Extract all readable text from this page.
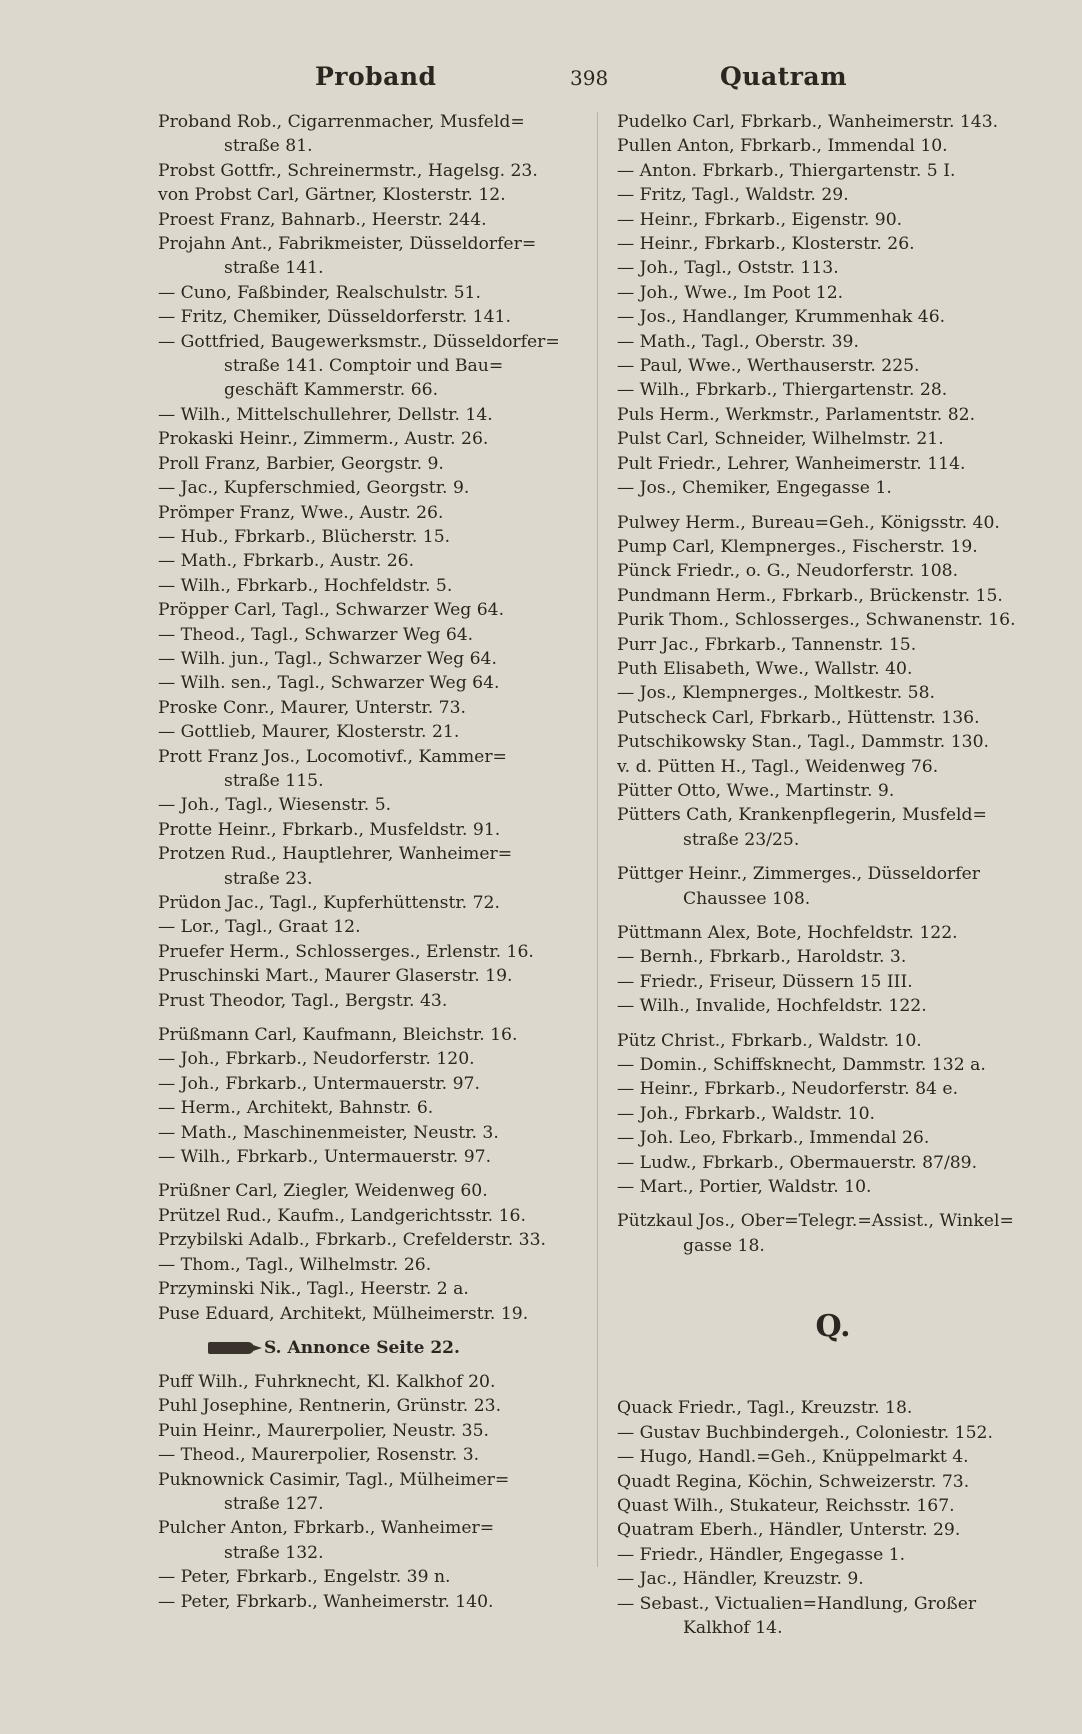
Proband	398	Quatram
Proband Rob., Cigarrenmacher, Musfeld=
straße 81.
Probst Gottfr., Schreinermstr., Hagelsg. 23.
von Probst Carl, Gärtner, Klosterstr. 12.
Proest Franz, Bahnarb., Heerstr. 244.
Projahn Ant., Fabrikmeister, Düsseldorfer=
straße 141.
— Cuno, Faßbinder, Realschulstr. 51.
— Fritz, Chemiker, Düsseldorferstr. 141.
— Gottfried, Baugewerksmstr., Düsseldorfer=
straße 141. Comptoir und Bau=
geschäft Kammerstr. 66.
— Wilh., Mittelschullehrer, Dellstr. 14.
Prokaski Heinr., Zimmerm., Austr. 26.
Proll Franz, Barbier, Georgstr. 9.
— Jac., Kupferschmied, Georgstr. 9.
Prömper Franz, Wwe., Austr. 26.
— Hub., Fbrkarb., Blücherstr. 15.
— Math., Fbrkarb., Austr. 26.
— Wilh., Fbrkarb., Hochfeldstr. 5.
Pröpper Carl, Tagl., Schwarzer Weg 64.
— Theod., Tagl., Schwarzer Weg 64.
— Wilh. jun., Tagl., Schwarzer Weg 64.
— Wilh. sen., Tagl., Schwarzer Weg 64.
Proske Conr., Maurer, Unterstr. 73.
— Gottlieb, Maurer, Klosterstr. 21.
Prott Franz Jos., Locomotivf., Kammer=
straße 115.
— Joh., Tagl., Wiesenstr. 5.
Protte Heinr., Fbrkarb., Musfeldstr. 91.
Protzen Rud., Hauptlehrer, Wanheimer=
straße 23.
Prüdon Jac., Tagl., Kupferhüttenstr. 72.
— Lor., Tagl., Graat 12.
Pruefer Herm., Schlosserges., Erlenstr. 16.
Pruschinski Mart., Maurer Glaserstr. 19.
Prust Theodor, Tagl., Bergstr. 43.
Prüßmann Carl, Kaufmann, Bleichstr. 16.
— Joh., Fbrkarb., Neudorferstr. 120.
— Joh., Fbrkarb., Untermauerstr. 97.
— Herm., Architekt, Bahnstr. 6.
— Math., Maschinenmeister, Neustr. 3.
— Wilh., Fbrkarb., Untermauerstr. 97.
Prüßner Carl, Ziegler, Weidenweg 60.
Prützel Rud., Kaufm., Landgerichtsstr. 16.
Przybilski Adalb., Fbrkarb., Crefelderstr. 33.
— Thom., Tagl., Wilhelmstr. 26.
Przyminski Nik., Tagl., Heerstr. 2 a.
Puse Eduard, Architekt, Mülheimerstr. 19.
S. Annonce Seite 22.
Puff Wilh., Fuhrknecht, Kl. Kalkhof 20.
Puhl Josephine, Rentnerin, Grünstr. 23.
Puin Heinr., Maurerpolier, Neustr. 35.
— Theod., Maurerpolier, Rosenstr. 3.
Puknownick Casimir, Tagl., Mülheimer=
straße 127.
Pulcher Anton, Fbrkarb., Wanheimer=
straße 132.
— Peter, Fbrkarb., Engelstr. 39 n.
— Peter, Fbrkarb., Wanheimerstr. 140.
Pudelko Carl, Fbrkarb., Wanheimerstr. 143.
Pullen Anton, Fbrkarb., Immendal 10.
— Anton. Fbrkarb., Thiergartenstr. 5 I.
— Fritz, Tagl., Waldstr. 29.
— Heinr., Fbrkarb., Eigenstr. 90.
— Heinr., Fbrkarb., Klosterstr. 26.
— Joh., Tagl., Oststr. 113.
— Joh., Wwe., Im Poot 12.
— Jos., Handlanger, Krummenhak 46.
— Math., Tagl., Oberstr. 39.
— Paul, Wwe., Werthauserstr. 225.
— Wilh., Fbrkarb., Thiergartenstr. 28.
Puls Herm., Werkmstr., Parlamentstr. 82.
Pulst Carl, Schneider, Wilhelmstr. 21.
Pult Friedr., Lehrer, Wanheimerstr. 114.
— Jos., Chemiker, Engegasse 1.
Pulwey Herm., Bureau=Geh., Königsstr. 40.
Pump Carl, Klempnerges., Fischerstr. 19.
Pünck Friedr., o. G., Neudorferstr. 108.
Pundmann Herm., Fbrkarb., Brückenstr. 15.
Purik Thom., Schlosserges., Schwanenstr. 16.
Purr Jac., Fbrkarb., Tannenstr. 15.
Puth Elisabeth, Wwe., Wallstr. 40.
— Jos., Klempnerges., Moltkestr. 58.
Putscheck Carl, Fbrkarb., Hüttenstr. 136.
Putschikowsky Stan., Tagl., Dammstr. 130.
v. d. Pütten H., Tagl., Weidenweg 76.
Pütter Otto, Wwe., Martinstr. 9.
Pütters Cath, Krankenpflegerin, Musfeld=
straße 23/25.
Püttger Heinr., Zimmerges., Düsseldorfer
Chaussee 108.
Püttmann Alex, Bote, Hochfeldstr. 122.
— Bernh., Fbrkarb., Haroldstr. 3.
— Friedr., Friseur, Düssern 15 III.
— Wilh., Invalide, Hochfeldstr. 122.
Pütz Christ., Fbrkarb., Waldstr. 10.
— Domin., Schiffsknecht, Dammstr. 132 a.
— Heinr., Fbrkarb., Neudorferstr. 84 e.
— Joh., Fbrkarb., Waldstr. 10.
— Joh. Leo, Fbrkarb., Immendal 26.
— Ludw., Fbrkarb., Obermauerstr. 87/89.
— Mart., Portier, Waldstr. 10.
Pützkaul Jos., Ober=Telegr.=Assist., Winkel=
gasse 18.
Q.
Quack Friedr., Tagl., Kreuzstr. 18.
— Gustav Buchbindergeh., Coloniestr. 152.
— Hugo, Handl.=Geh., Knüppelmarkt 4.
Quadt Regina, Köchin, Schweizerstr. 73.
Quast Wilh., Stukateur, Reichsstr. 167.
Quatram Eberh., Händler, Unterstr. 29.
— Friedr., Händler, Engegasse 1.
— Jac., Händler, Kreuzstr. 9.
— Sebast., Victualien=Handlung, Großer
Kalkhof 14.
